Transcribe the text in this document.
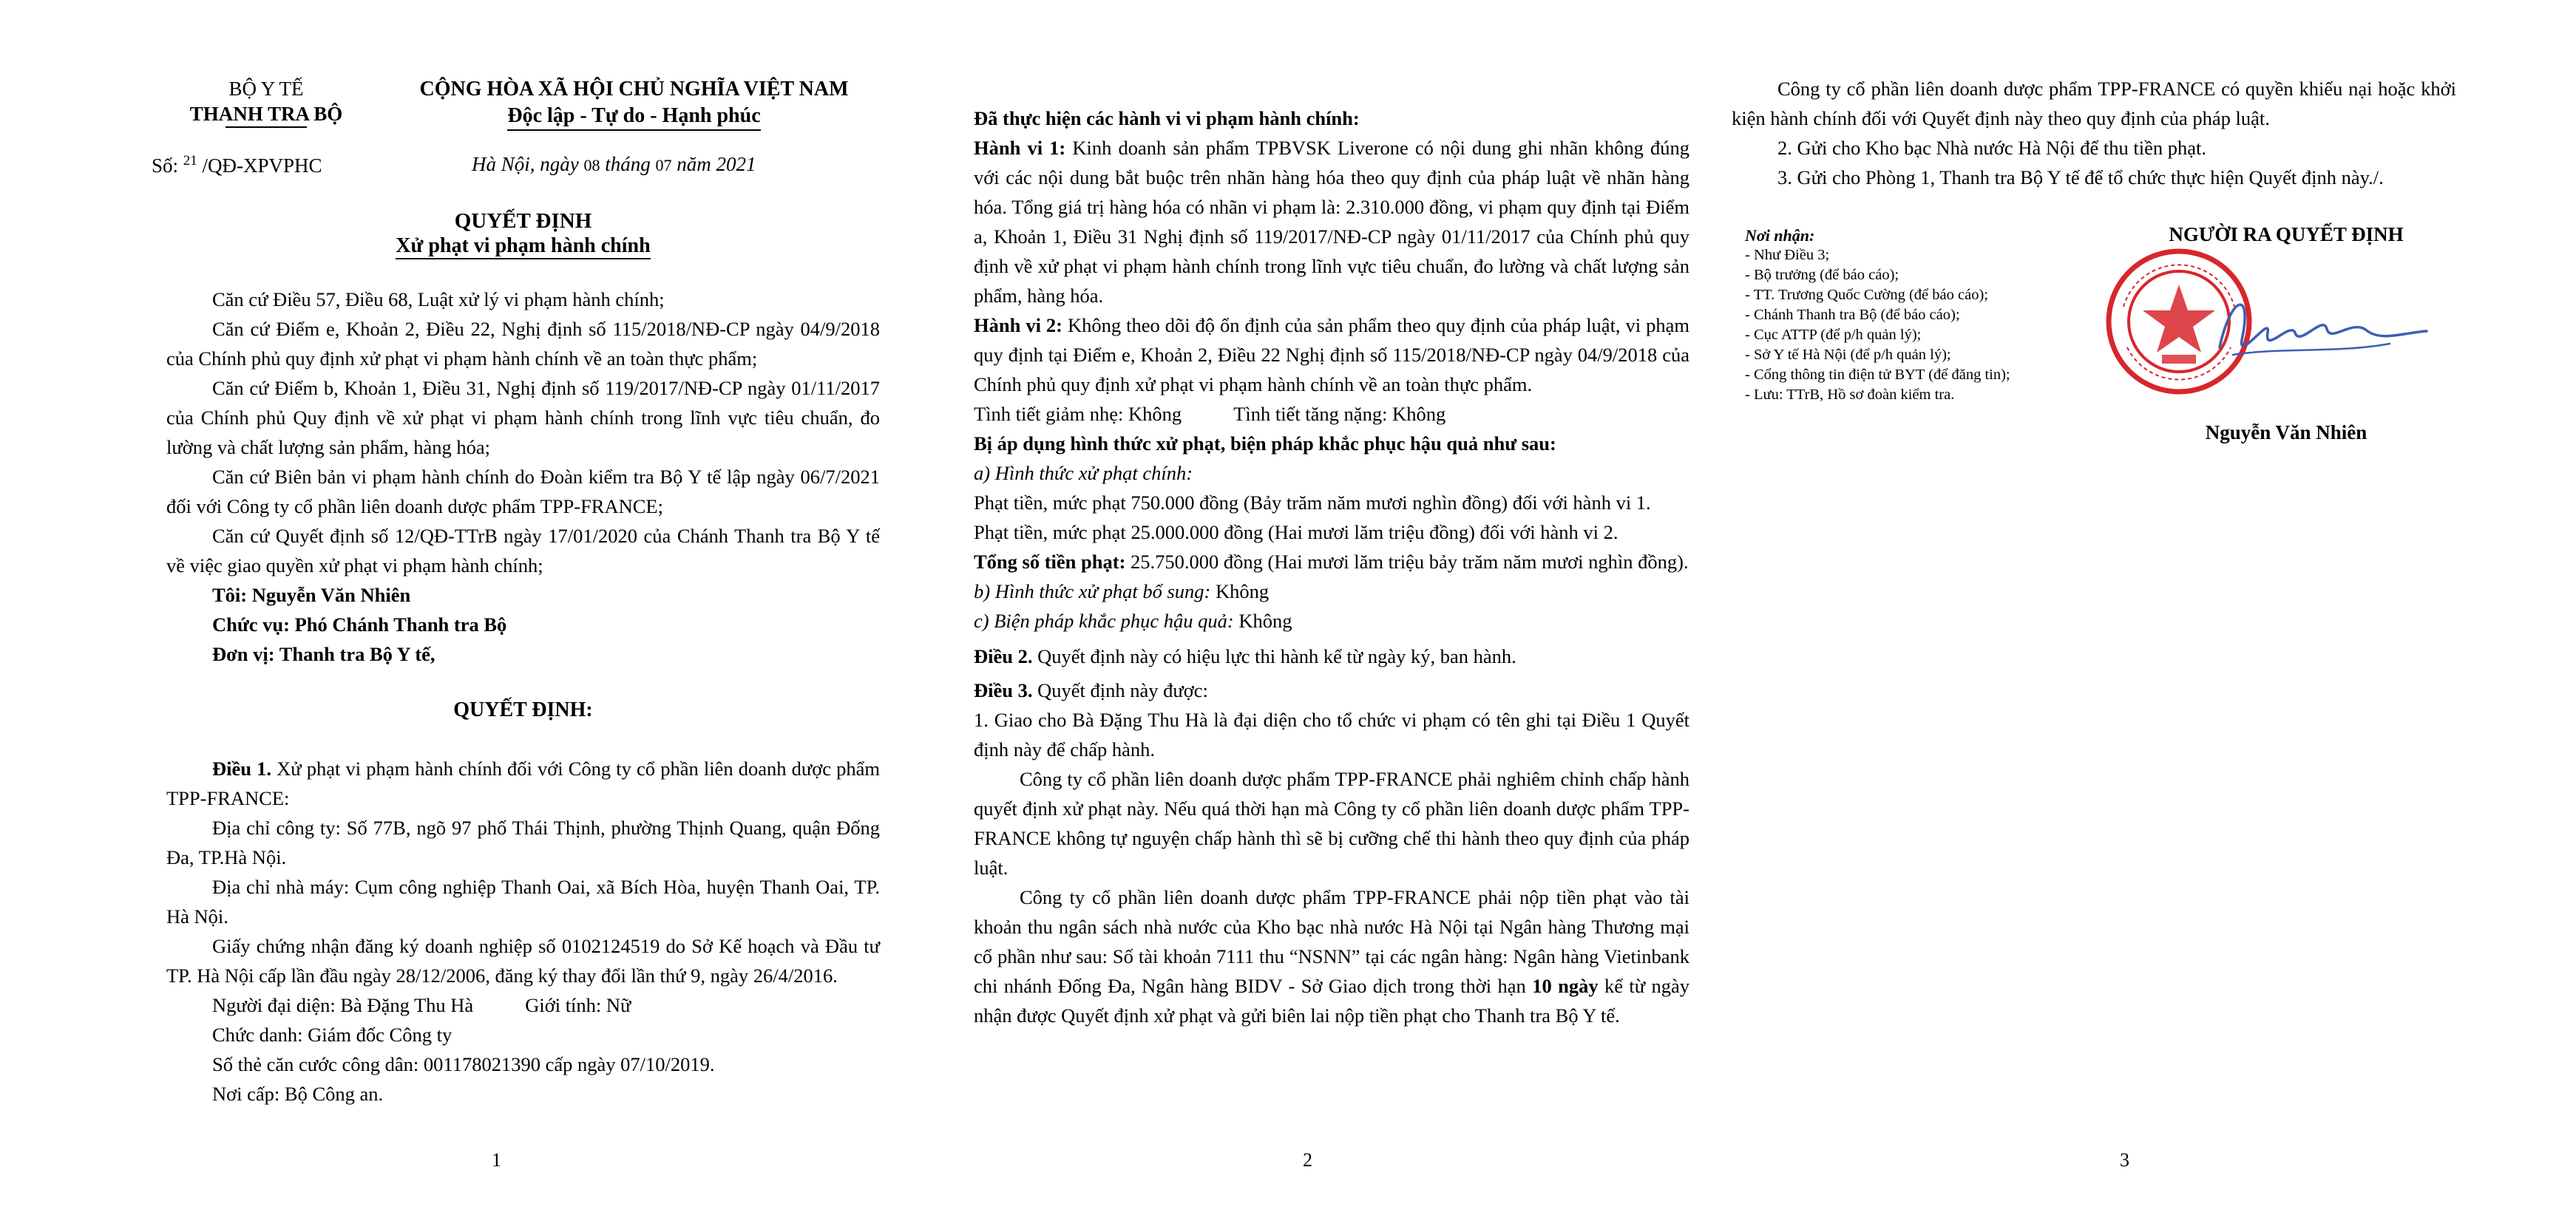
BỘ Y TẾ
THANH TRA BỘ
CỘNG HÒA XÃ HỘI CHỦ NGHĨA VIỆT NAM
Độc lập - Tự do - Hạnh phúc
Số: $^{21}$ /QĐ-XPVPHC	Hà Nội, ngày 08 tháng 07 năm 2021
QUYẾT ĐỊNH
Xử phạt vi phạm hành chính

Căn cứ Điều 57, Điều 68, Luật xử lý vi phạm hành chính;

Căn cứ Điểm e, Khoản 2, Điều 22, Nghị định số 115/2018/NĐ-CP ngày 04/9/2018 của Chính phủ quy định xử phạt vi phạm hành chính về an toàn thực phẩm;

Căn cứ Điểm b, Khoản 1, Điều 31, Nghị định số 119/2017/NĐ-CP ngày 01/11/2017 của Chính phủ Quy định về xử phạt vi phạm hành chính trong lĩnh vực tiêu chuẩn, đo lường và chất lượng sản phẩm, hàng hóa;

Căn cứ Biên bản vi phạm hành chính do Đoàn kiểm tra Bộ Y tế lập ngày 06/7/2021 đối với Công ty cổ phần liên doanh dược phẩm TPP-FRANCE;

Căn cứ Quyết định số 12/QĐ-TTrB ngày 17/01/2020 của Chánh Thanh tra Bộ Y tế về việc giao quyền xử phạt vi phạm hành chính;

Tôi: Nguyễn Văn Nhiên

Chức vụ: Phó Chánh Thanh tra Bộ

Đơn vị: Thanh tra Bộ Y tế,

QUYẾT ĐỊNH:

Điều 1. Xử phạt vi phạm hành chính đối với Công ty cổ phần liên doanh dược phẩm TPP-FRANCE:

Địa chỉ công ty: Số 77B, ngõ 97 phố Thái Thịnh, phường Thịnh Quang, quận Đống Đa, TP.Hà Nội.

Địa chỉ nhà máy: Cụm công nghiệp Thanh Oai, xã Bích Hòa, huyện Thanh Oai, TP. Hà Nội.

Giấy chứng nhận đăng ký doanh nghiệp số 0102124519 do Sở Kế hoạch và Đầu tư TP. Hà Nội cấp lần đầu ngày 28/12/2006, đăng ký thay đổi lần thứ 9, ngày 26/4/2016.

Người đại diện: Bà Đặng Thu Hà	Giới tính: Nữ

Chức danh: Giám đốc Công ty

Số thẻ căn cước công dân: 001178021390 cấp ngày 07/10/2019.

Nơi cấp: Bộ Công an.

1

Đã thực hiện các hành vi vi phạm hành chính:

Hành vi 1: Kinh doanh sản phẩm TPBVSK Liverone có nội dung ghi nhãn không đúng với các nội dung bắt buộc trên nhãn hàng hóa theo quy định của pháp luật về nhãn hàng hóa. Tổng giá trị hàng hóa có nhãn vi phạm là: 2.310.000 đồng, vi phạm quy định tại Điểm a, Khoản 1, Điều 31 Nghị định số 119/2017/NĐ-CP ngày 01/11/2017 của Chính phủ quy định về xử phạt vi phạm hành chính trong lĩnh vực tiêu chuẩn, đo lường và chất lượng sản phẩm, hàng hóa.

Hành vi 2: Không theo dõi độ ổn định của sản phẩm theo quy định của pháp luật, vi phạm quy định tại Điểm e, Khoản 2, Điều 22 Nghị định số 115/2018/NĐ-CP ngày 04/9/2018 của Chính phủ quy định xử phạt vi phạm hành chính về an toàn thực phẩm.

Tình tiết giảm nhẹ: Không	Tình tiết tăng nặng: Không

Bị áp dụng hình thức xử phạt, biện pháp khắc phục hậu quả như sau:

a) Hình thức xử phạt chính:

Phạt tiền, mức phạt 750.000 đồng (Bảy trăm năm mươi nghìn đồng) đối với hành vi 1.

Phạt tiền, mức phạt 25.000.000 đồng (Hai mươi lăm triệu đồng) đối với hành vi 2.

Tổng số tiền phạt: 25.750.000 đồng (Hai mươi lăm triệu bảy trăm năm mươi nghìn đồng).

b) Hình thức xử phạt bổ sung: Không

c) Biện pháp khắc phục hậu quả: Không

Điều 2. Quyết định này có hiệu lực thi hành kể từ ngày ký, ban hành.

Điều 3. Quyết định này được:

1. Giao cho Bà Đặng Thu Hà là đại diện cho tổ chức vi phạm có tên ghi tại Điều 1 Quyết định này để chấp hành.

Công ty cổ phần liên doanh dược phẩm TPP-FRANCE phải nghiêm chỉnh chấp hành quyết định xử phạt này. Nếu quá thời hạn mà Công ty cổ phần liên doanh dược phẩm TPP-FRANCE không tự nguyện chấp hành thì sẽ bị cưỡng chế thi hành theo quy định của pháp luật.

Công ty cổ phần liên doanh dược phẩm TPP-FRANCE phải nộp tiền phạt vào tài khoản thu ngân sách nhà nước của Kho bạc nhà nước Hà Nội tại Ngân hàng Thương mại cổ phần như sau: Số tài khoản 7111 thu “NSNN” tại các ngân hàng: Ngân hàng Vietinbank chi nhánh Đống Đa, Ngân hàng BIDV - Sở Giao dịch trong thời hạn 10 ngày kể từ ngày nhận được Quyết định xử phạt và gửi biên lai nộp tiền phạt cho Thanh tra Bộ Y tế.

2

Công ty cổ phần liên doanh dược phẩm TPP-FRANCE có quyền khiếu nại hoặc khởi kiện hành chính đối với Quyết định này theo quy định của pháp luật.

2. Gửi cho Kho bạc Nhà nước Hà Nội để thu tiền phạt.

3. Gửi cho Phòng 1, Thanh tra Bộ Y tế để tổ chức thực hiện Quyết định này./.

Nơi nhận:

- Như Điều 3;

- Bộ trưởng (để báo cáo);

- TT. Trương Quốc Cường (để báo cáo);

- Chánh Thanh tra Bộ (để báo cáo);

- Cục ATTP (để p/h quản lý);

- Sở Y tế Hà Nội (để p/h quản lý);

- Cổng thông tin điện tử BYT (để đăng tin);

- Lưu: TTrB, Hồ sơ đoàn kiểm tra.

NGƯỜI RA QUYẾT ĐỊNH
Nguyễn Văn Nhiên
3
